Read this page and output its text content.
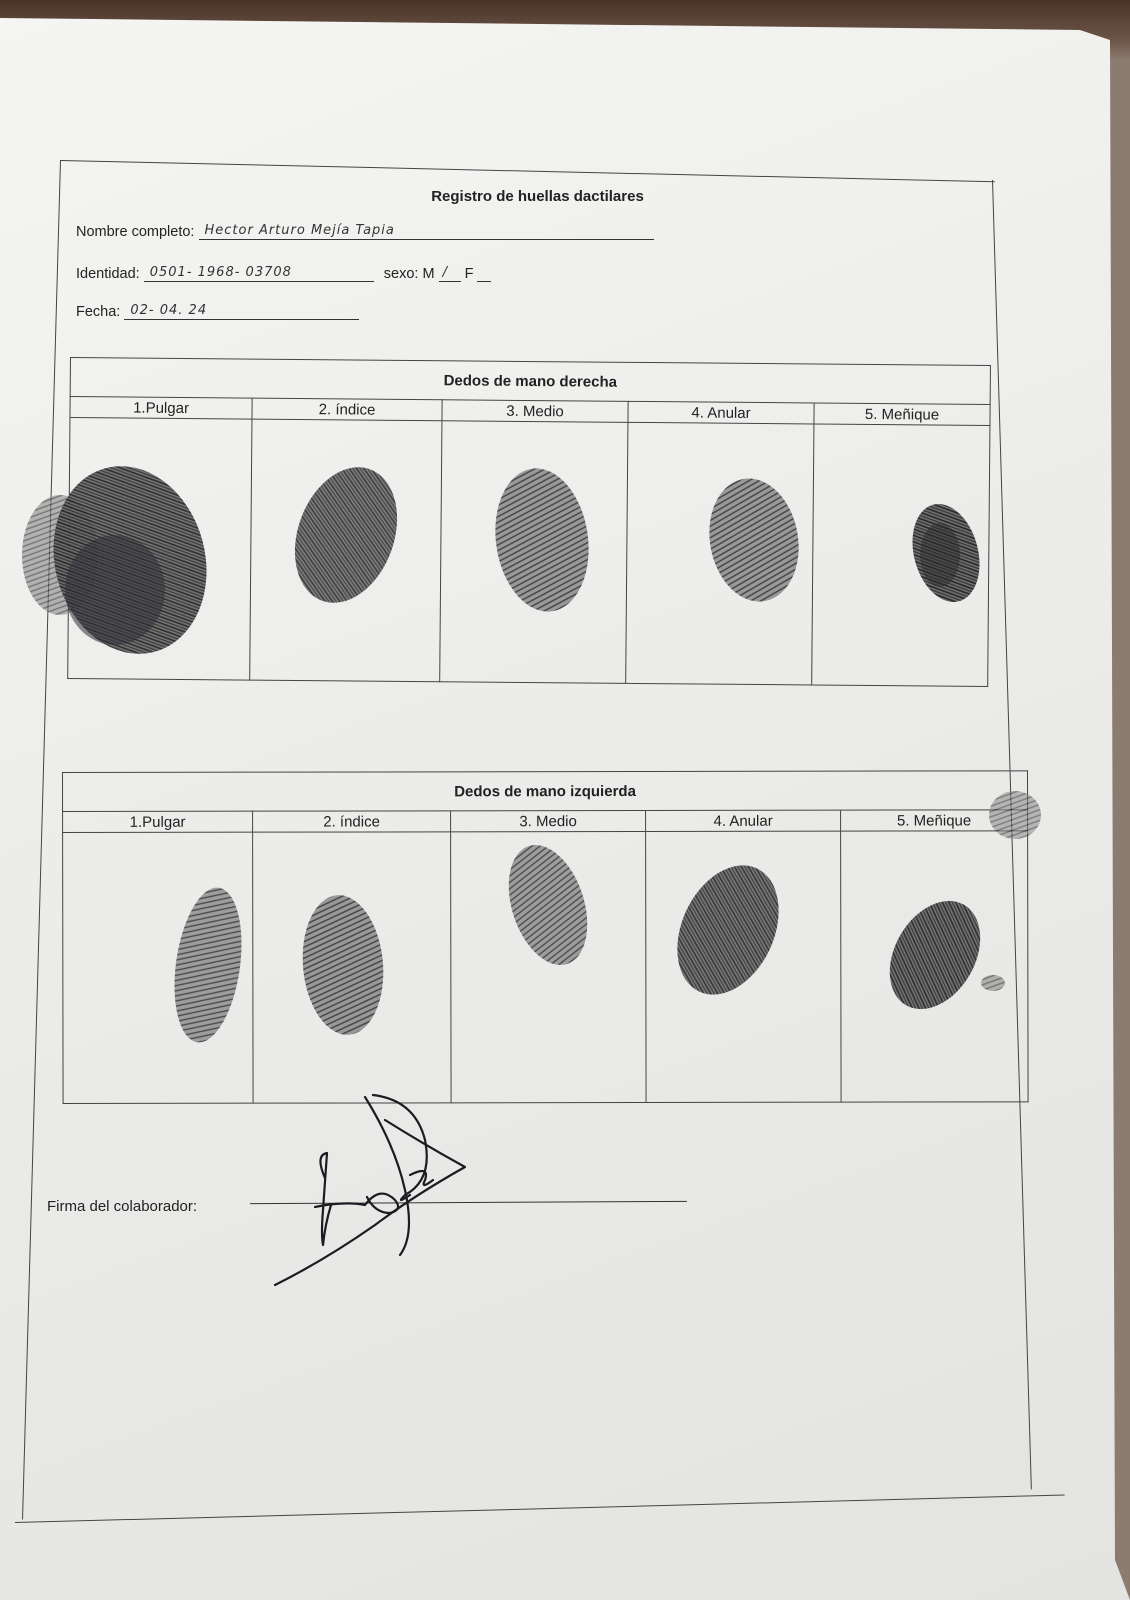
Registro de huellas dactilares
Nombre completo: Hector Arturo Mejía Tapia
Identidad: 0501- 1968- 03708	sexo: M / F
Fecha: 02- 04. 24
Dedos de mano derecha				
1.Pulgar	2. índice	3. Medio	4. Anular	5. Meñique

Dedos de mano izquierda				
1.Pulgar	2. índice	3. Medio	4. Anular	5. Meñique

Firma del colaborador:
